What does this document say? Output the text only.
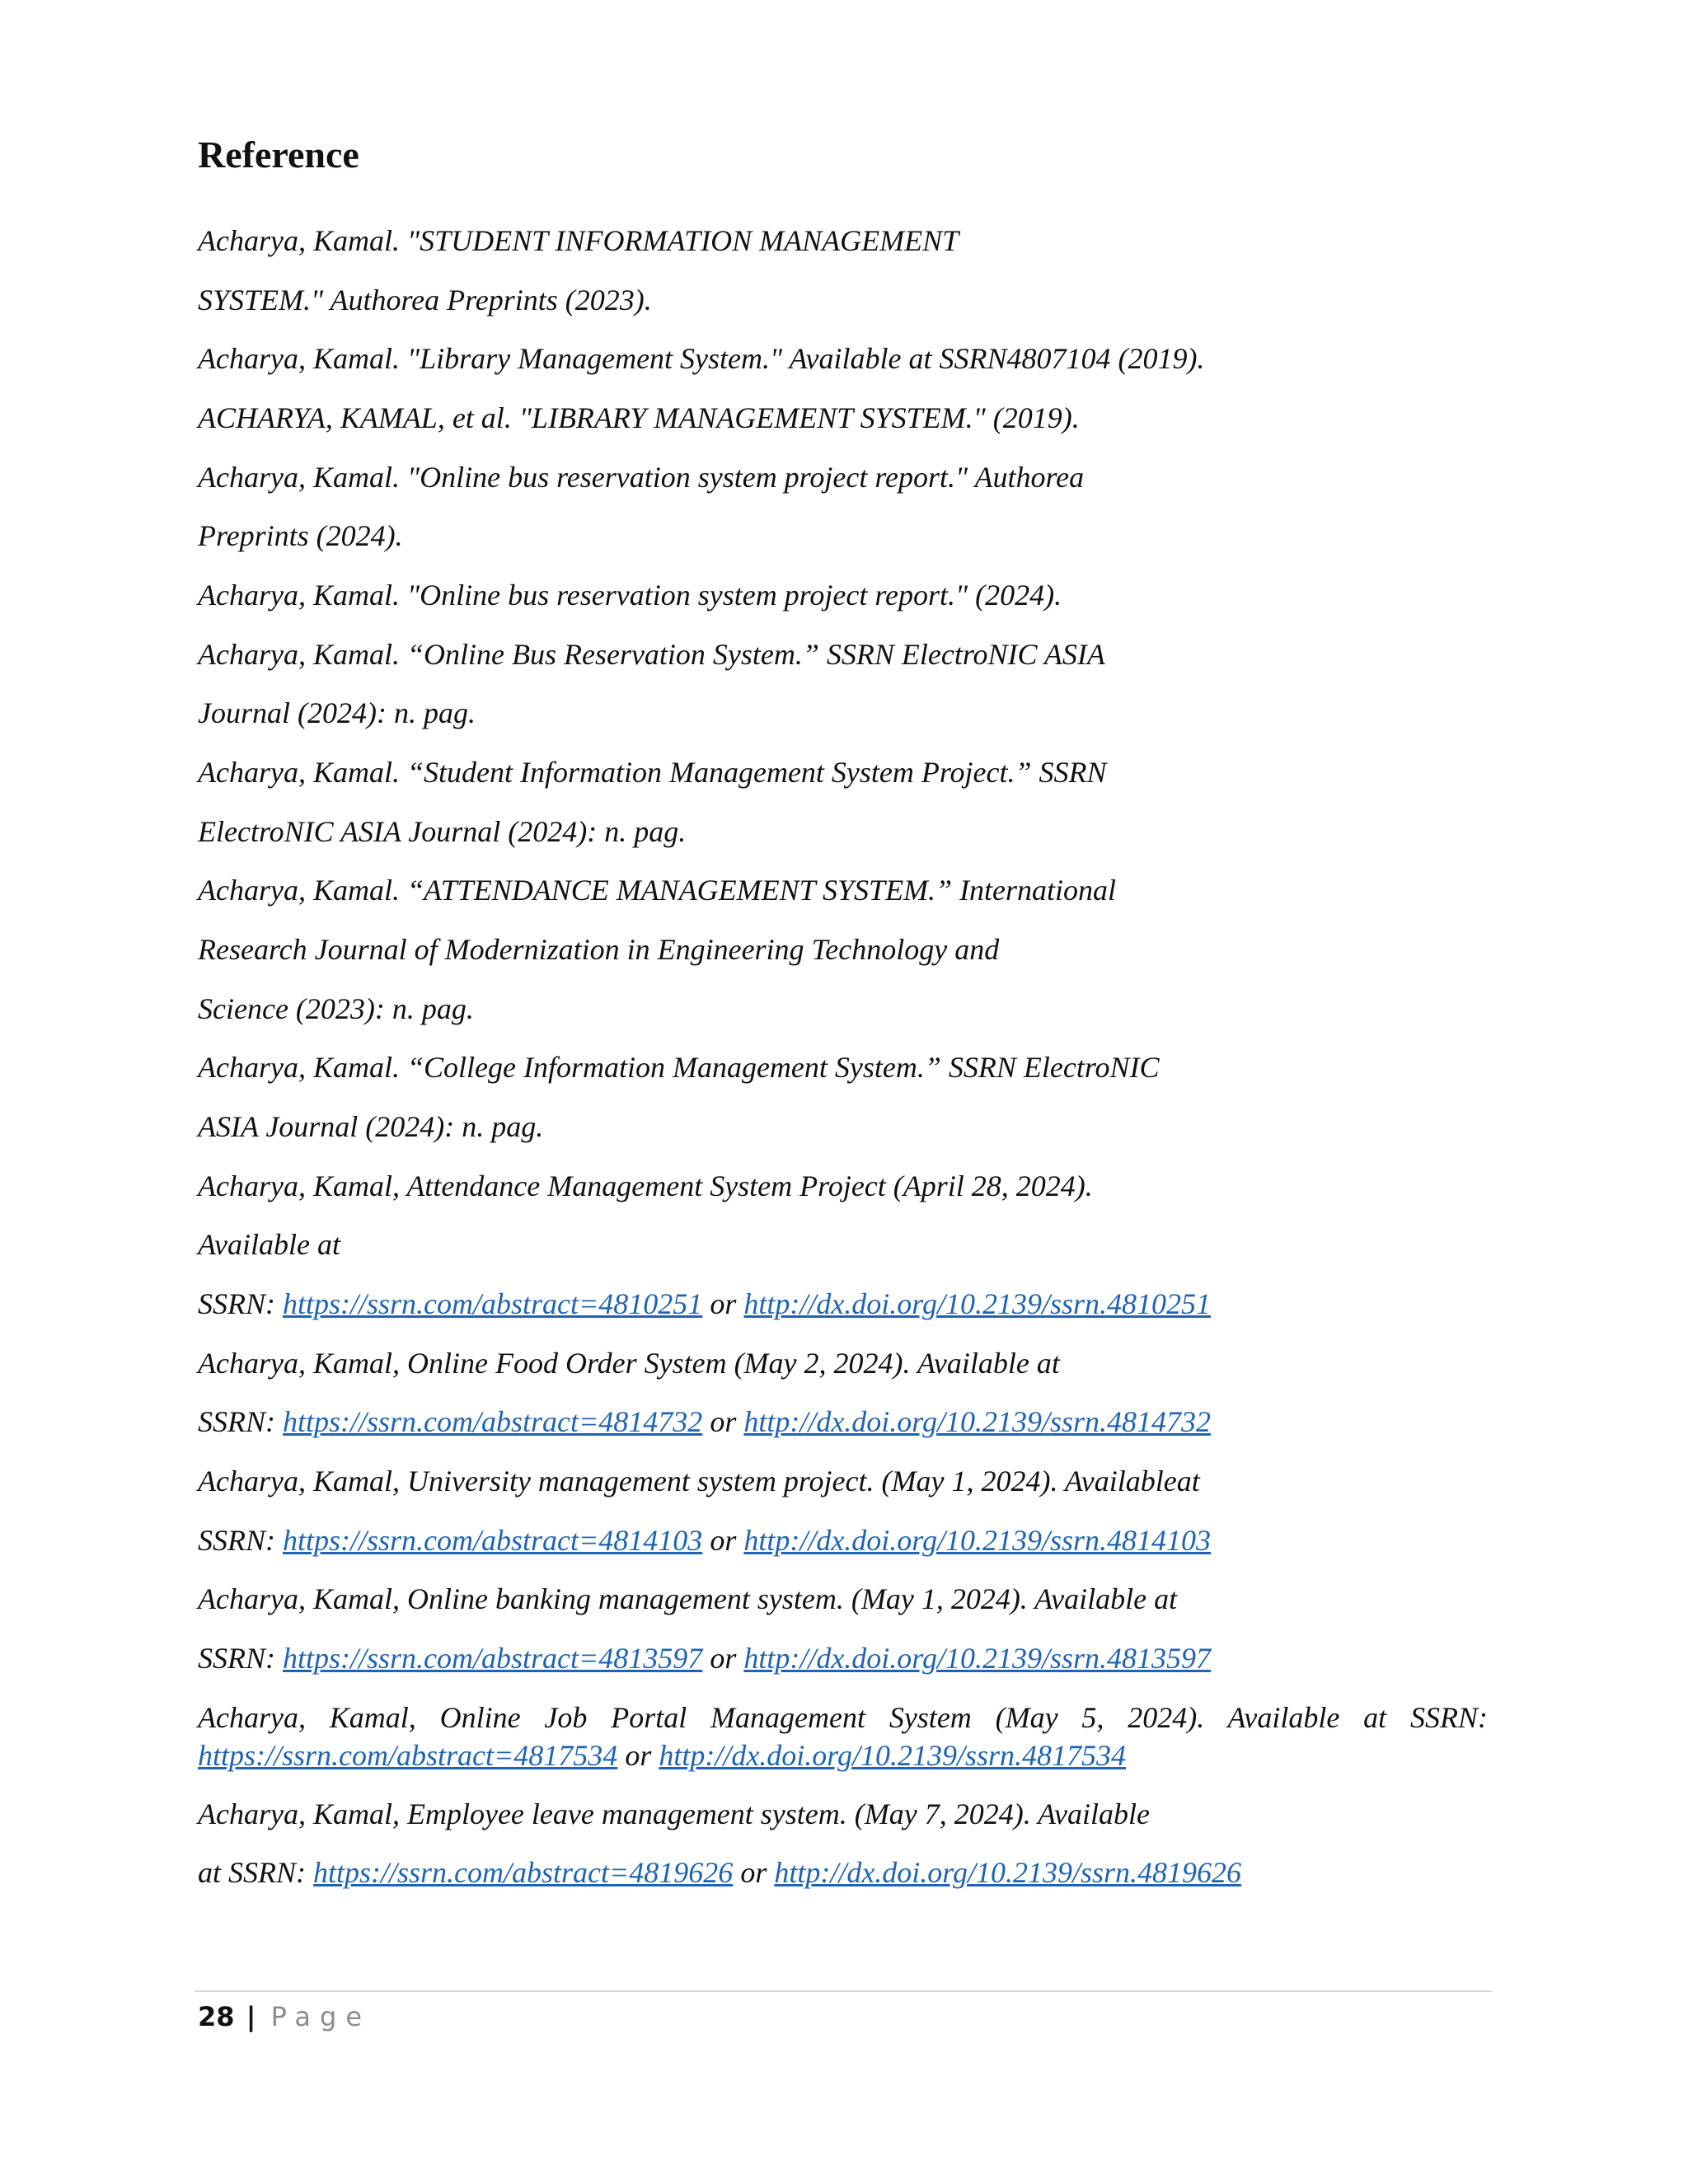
Reference
Acharya, Kamal. "STUDENT INFORMATION MANAGEMENT
SYSTEM." Authorea Preprints (2023).
Acharya, Kamal. "Library Management System." Available at SSRN4807104 (2019).
ACHARYA, KAMAL, et al. "LIBRARY MANAGEMENT SYSTEM." (2019).
Acharya, Kamal. "Online bus reservation system project report." Authorea
Preprints (2024).
Acharya, Kamal. "Online bus reservation system project report." (2024).
Acharya, Kamal. “Online Bus Reservation System.” SSRN ElectroNIC ASIA
Journal (2024): n. pag.
Acharya, Kamal. “Student Information Management System Project.” SSRN
ElectroNIC ASIA Journal (2024): n. pag.
Acharya, Kamal. “ATTENDANCE MANAGEMENT SYSTEM.” International
Research Journal of Modernization in Engineering Technology and
Science (2023): n. pag.
Acharya, Kamal. “College Information Management System.” SSRN ElectroNIC
ASIA Journal (2024): n. pag.
Acharya, Kamal, Attendance Management System Project (April 28, 2024).
Available at
SSRN: https://ssrn.com/abstract=4810251 or http://dx.doi.org/10.2139/ssrn.4810251
Acharya, Kamal, Online Food Order System (May 2, 2024). Available at
SSRN: https://ssrn.com/abstract=4814732 or http://dx.doi.org/10.2139/ssrn.4814732
Acharya, Kamal, University management system project. (May 1, 2024). Availableat
SSRN: https://ssrn.com/abstract=4814103 or http://dx.doi.org/10.2139/ssrn.4814103
Acharya, Kamal, Online banking management system. (May 1, 2024). Available at
SSRN: https://ssrn.com/abstract=4813597 or http://dx.doi.org/10.2139/ssrn.4813597
Acharya, Kamal, Online Job Portal Management System (May 5, 2024). Available at SSRN: https://ssrn.com/abstract=4817534 or http://dx.doi.org/10.2139/ssrn.4817534
Acharya, Kamal, Employee leave management system. (May 7, 2024). Available
at SSRN: https://ssrn.com/abstract=4819626 or http://dx.doi.org/10.2139/ssrn.4819626
28 | Page
